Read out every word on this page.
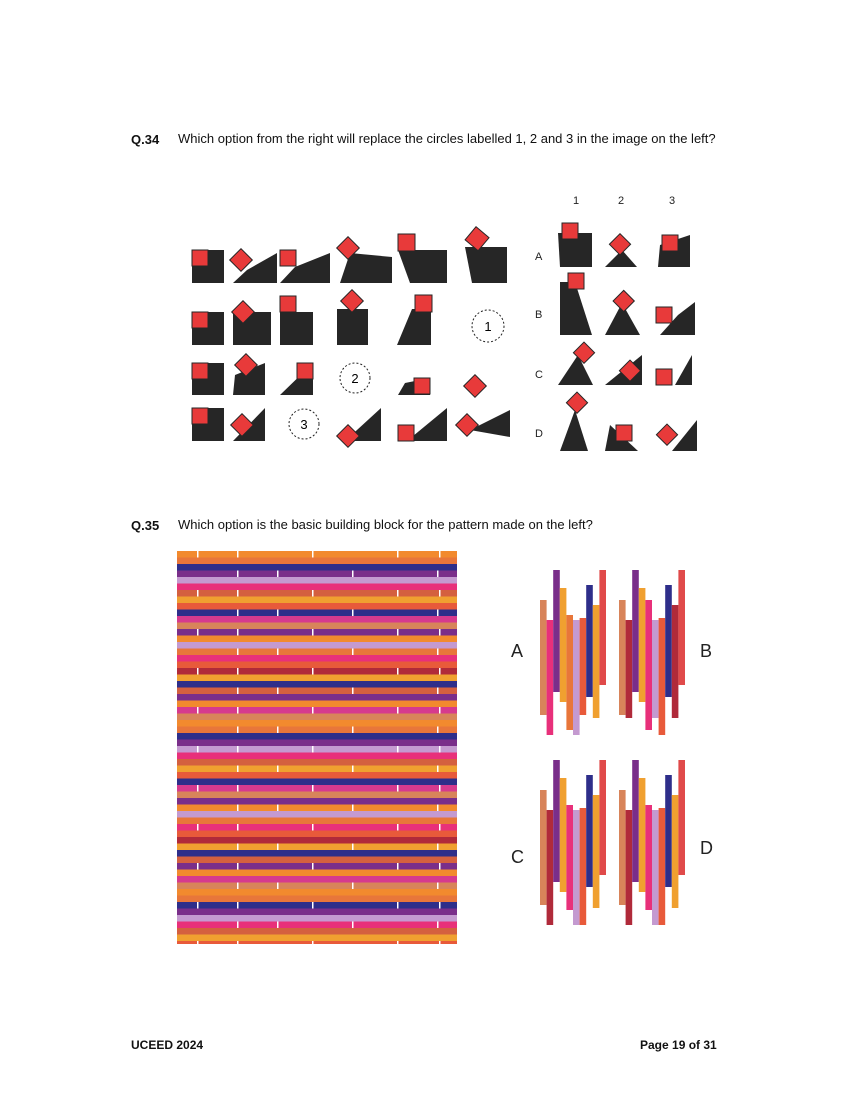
Q.34 Which option from the right will replace the circles labelled 1, 2 and 3 in the image on the left?
1
2
3
1	2	3
A
B
C
D
Q.35 Which option is the basic building block for the pattern made on the left?
A	B
C	D
UCEED 2024	Page 19 of 31
